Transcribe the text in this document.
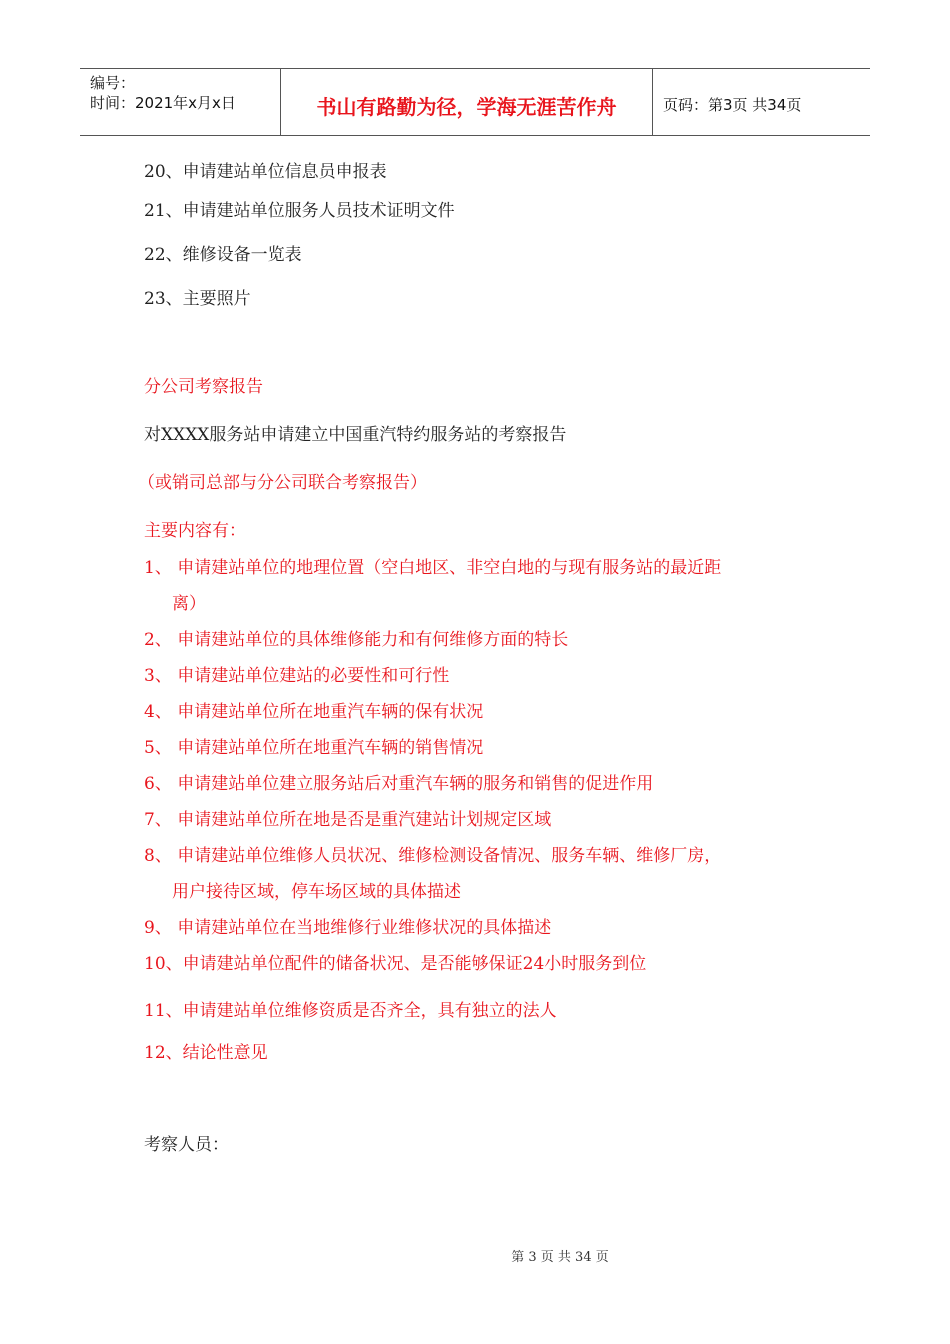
编号：
时间：2021年x月x日	书山有路勤为径，学海无涯苦作舟	页码：第3页 共34页
20、申请建站单位信息员申报表
21、申请建站单位服务人员技术证明文件
22、维修设备一览表
23、主要照片
分公司考察报告
对XXXX服务站申请建立中国重汽特约服务站的考察报告
（或销司总部与分公司联合考察报告）
主要内容有：
1、 申请建站单位的地理位置（空白地区、非空白地的与现有服务站的最近距
离）
2、 申请建站单位的具体维修能力和有何维修方面的特长
3、 申请建站单位建站的必要性和可行性
4、 申请建站单位所在地重汽车辆的保有状况
5、 申请建站单位所在地重汽车辆的销售情况
6、 申请建站单位建立服务站后对重汽车辆的服务和销售的促进作用
7、 申请建站单位所在地是否是重汽建站计划规定区域
8、 申请建站单位维修人员状况、维修检测设备情况、服务车辆、维修厂房，
用户接待区域，停车场区域的具体描述
9、 申请建站单位在当地维修行业维修状况的具体描述
10、申请建站单位配件的储备状况、是否能够保证24小时服务到位
11、申请建站单位维修资质是否齐全，具有独立的法人
12、结论性意见
考察人员：
第 3 页 共 34 页
